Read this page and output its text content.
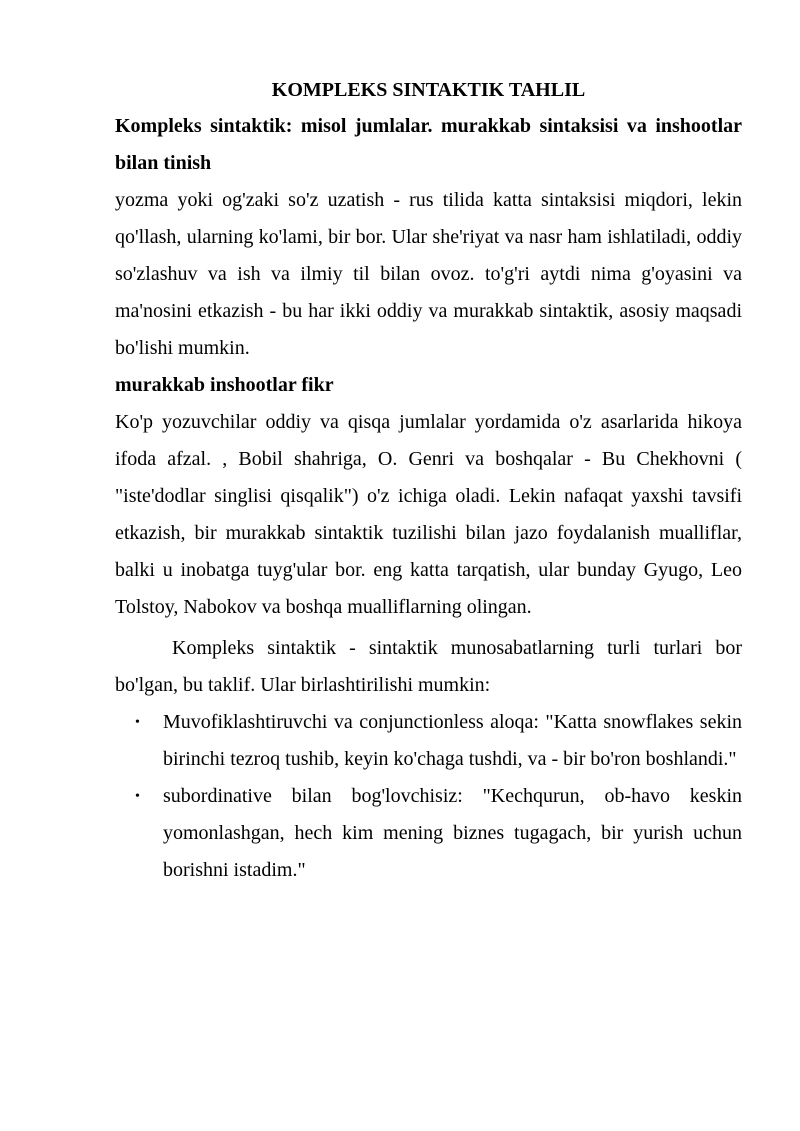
KOMPLEKS SINTAKTIK TAHLIL

Kompleks sintaktik: misol jumlalar. murakkab sintaksisi va inshootlar bilan tinish

yozma yoki og'zaki so'z uzatish - rus tilida katta sintaksisi miqdori, lekin qo'llash, ularning ko'lami, bir bor. Ular she'riyat va nasr ham ishlatiladi, oddiy so'zlashuv va ish va ilmiy til bilan ovoz. to'g'ri aytdi nima g'oyasini va ma'nosini etkazish - bu har ikki oddiy va murakkab sintaktik, asosiy maqsadi bo'lishi mumkin.

murakkab inshootlar fikr

Ko'p yozuvchilar oddiy va qisqa jumlalar yordamida o'z asarlarida hikoya ifoda afzal. , Bobil shahriga, O. Genri va boshqalar - Bu Chekhovni ( "iste'dodlar singlisi qisqalik") o'z ichiga oladi. Lekin nafaqat yaxshi tavsifi etkazish, bir murakkab sintaktik tuzilishi bilan jazo foydalanish mualliflar, balki u inobatga tuyg'ular bor. eng katta tarqatish, ular bunday Gyugo, Leo Tolstoy, Nabokov va boshqa mualliflarning olingan.

Kompleks sintaktik - sintaktik munosabatlarning turli turlari bor bo'lgan, bu taklif. Ular birlashtirilishi mumkin:

• Muvofiklashtiruvchi va conjunctionless aloqa: "Katta snowflakes sekin birinchi tezroq tushib, keyin ko'chaga tushdi, va - bir bo'ron boshlandi."
• subordinative bilan bog'lovchisiz: "Kechqurun, ob-havo keskin yomonlashgan, hech kim mening biznes tugagach, bir yurish uchun borishni istadim."
